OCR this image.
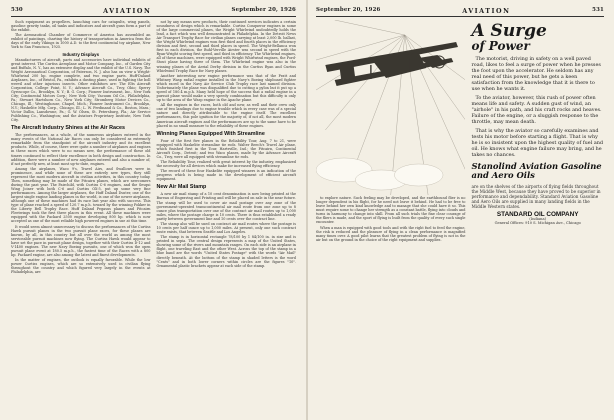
530	AVIATION	September 20, 1926

Such equipment as propellers, launching cars for catapults, wing panels, gasoline gravity tanks, oil tanks and indicators and aircraft guns form a part of the exhibit.

The Aeronautical Chamber of Commerce of America has assembled an exhibit of paintings, charting the history of transportation in America from the days of the early Vikings in 1000 A.D. to the first continental toy airplane, New York to San Francisco, 1925.

Industry Displays

Manufacturers of aircraft, parts and accessories have individual exhibits of great interest. The Curtiss Aeroplane and Motor Company, Inc., of Garden City and Buffalo, N. Y., has an extensive display and the exhibit of the U.S. Navy. The Wright Aeronautical Corporation, of Paterson, N. J. also has on view a Wright-Whirlwind 200 hp. engine complete, and two engine parts. Huff-Daland Airplanes, Inc., of Bristol, Pa., exhibits a dusting plane, used in fighting the boll weevil and other injurious insects. Other exhibitors are: The Elts Aircraft Corporation, College Point, N. Y.; Advance Aircraft Co., Troy, Ohio; Sperry Gyroscope Co., Brooklyn, N. Y.; B. G. Corp.; Pioneer Instrument, Inc., New York City; Continental Motors Corp.; New York City; Vacuum Oil Co., Philadelphia, Pa.; Stewart Hartshorn Co., New York City; Stromberg Motor Devices Co., Chicago, Ill.; Westinghouse, Chapel, Mich.; Pioneer Instrument Co., Brooklyn, N.Y.; Haskelite Mfg. Corp., Chicago, Ill.; L. W. Ferdinand & Co., Boston, Mass.; Victor Dallin, Lansdowne, Pa.; G. W. Olsen, St. Petersburg, Fla.; Air Service Publishing Co., Washington; and the Aviators Proprietary Institute, New York City.

The Aircraft Industry Shines at the Air Races

The performances, as a whole, of the numerous airplanes entered in the many events of the National Air Races can only be considered as extremely remarkable from the standpoint of the aircraft industry and its excellent products. While, of course, there were quite a number of airplanes and engines in these races which were to no means new, the performance of these old timers continued to reflect their excellence in both design and construction. In addition, there were a number of new airplanes entered and also a number of, if not perfectly new, at least most up-to-date, engines.

Among the airplanes, Waco 9's, Travel Airs, and Swallows were in prominence, and while none of these are entirely new types, they still represent the most modern aircraft in civilian activities, in this country today. Then, something may be made of the Pitcairn planes, which are newcomers during the past year. The Fairchild, with Curtiss C-6 engines, and the Sesqui Wing Joiner with both C-6 and Curtiss OX-5, put up some very fine performances. Among the larger airplanes, the Huff Daland Duster, one of the largest single engine landing planes in the world, is one of the newer airplanes, although one of these machines had its race last year also with success. This type of plane reached a speed of 120.7 m.p.h. toward by the winning Fokker in the Liberty Bell Trophy Race. Huff Daland Pegasus planes and Pitcairn Fleetwings took the first three places in this event. All these machines were equipped with the Packard 2500 engine developing 800 hp. which is now accepted as one of the most reliable high powered engines in use at this time.

It would seem almost unnecessary to discuss the performances of the Curtiss Hawk pursuit planes in the two pursuit plane races, for these planes are known, by all, in this country but all over the world as among the most serviceable pursuit machines now flying. The Curtiss Hawk would appear to have set the pace in pursuit plane design, together with their Curtiss D-12 and V-1400 engines. The new Navy Boeing pursuits, one of which won the open pursuit plane event at 180.5 m.p.h., the fastest time of the Races with a 800 hp. Packard engine, are also among the latest and finest developments.

In the matter of engines, the outlook is equally favorable. While the low power Curtiss engines, which are so extensively used in civilian flying throughout the country and which figured very largely in the events at Philadelphia, are

not by any means new products, their continued services indicates a certain soundness of design which is remarkable. Curtiss Conqueror engines in some of the large commercial planes, the Wright Whirlwind undoubtedly holds the lead, a fact which was well demonstrated in Philadelphia. In the Detroit News Air Transport Trophy Race for civilian planes carrying at least 2,000 lb. ballast, the Wright Whirlwind engines won first third and fourth places in the efficiency division and first, second and third places in speed. The Wright-Bellanca won first in each division, the Buhl-Verville Airster was second in speed with the Ryan-Wright scoring first speed, and third in efficiency. The Whirlwind engines, all of these machines, were equipped with Wright Whirlwind engines, the Ford-Stout plane having three of them. The Whirlwind engine was also in the winning planes of the Aerial Derby division in the Curtiss Ryan and Curtiss Whirlwind Trophy Race for Navy planes.

Another interesting new engine performance was that of the Pratt and Whitney Wasp radial engine installed in the Navy's Boeing shipboard fighter which raced in the Navy Air Service Club Trophy race last named division. Unfortunately the plane was disqualified due to cutting a pylon but it put up a speed of 180.4 m.p.h. Many held hope of the success that a radial engine in a pursuit plane would make a very speedy combination but this difficulty is only up to the area of the Wasp engine in the Apache plane.

All the engines in the races, both old and new, as well and their crew only one of two landings due to engine trouble which in every case was of a special nature and directly attributable to the engine itself. The excellent performances, this pole ignition for the majority of, if not all, the most modern American aircraft engines and the performances are up to the same have to be placed in no small measure to the reliability of these engines.

Winning Planes Equipped With Streamline

Four of the first five planes in the Reliability Tour, Aug. 7 to 21, were equipped with Haskelite streamline tie rods. Walter Beech's Travel Air plane, which finished first in the Tour, Hartsville, Ind.; the Pitcairn, Continental Aircraft Corp., Detroit; and two Waco planes, made by the Advance Aircraft Co., Troy, were all equipped with streamline tie rods.

The Reliability Tour, realized with great interest by the industry, emphasized the necessity for all devices which make for increased flying efficiency.

The record of these four Haskelite equipped winners is an indication of the progress which is being made in the development of efficient aircraft equipment.

New Air Mail Stamp

A new air mail stamp of a 10 cent denomination is now being printed at the Bureau of Engraving and Printing and will be placed on sale in the near future. The stamp will be used to cover air mail postage over any zone of the government-operated transcontinental air mail route from one zone up to 8 ounce plus transportation over one of the contract air mail routes up to 1,000 miles, where the postage charge is 10 cents. There is thus established a ready parity between government line and 10 cents over the contract line.

The stamp also will be used on contract air mail routes where the postage is 10 cents per half ounce up to 1,000 miles. At present, only one such contract route exists, that between Seattle and Los Angeles.

The stamp is in horizontal rectangle 78/100 by 1 84/100 in. in size and is printed in sepia. The central design represents a map of the United States, showing some of the rivers and mountain ranges. On each side is an airplane in flight, one traveling East and the other West. Across the top of the stamp in a blue band are the words "United States Postage" with the words "Air Mail" directly beneath. At the bottom of the stamp in shaded letters is the word "Cents" and in both lower corners within circles are the figures "10". Ornamental plastic brackets appear at each side of the stamp.

September 20, 1926	AVIATION	531

to explore nature. Such feeling may be developed, and the earthbound flier is no longer dependent in his flight, for he need not leave it behind. He had to be free to leave behind her own kind knowledge and to manage that she could have it so. This must require some to change her strength as a constant battle, flying into clouds and turns in harmony to change into skill. From all such trials the fine clear courage of the fliers is made, and the sport of flying is built from the quality of every such single encounter.

When a man is equipped with good tools and with the right fuel to feed the engine, the risk is reduced and the pleasure of flying in a clean performance is magnified many times over. A good pilot learns that the greatest problem of flying is not in the air but on the ground in the choice of the right equipment and supplies.

A Surge
of Power

The motorist, driving in safety on a well paved road, likes to feel a surge of power when he presses the foot upon the accelerator. He seldom has any real need of this power, but he gets a keen satisfaction from the knowledge that it is there to use when he wants it.

To the aviator, however, this rush of power often means life and safety. A sudden gust of wind, an "airhole" in his path, and his craft rocks and heaves. Failure of the engine, or a sluggish response to the throttle, may mean death.

That is why the aviator so carefully examines and tests his motor before starting a flight. That is why he is so insistent upon the highest quality of fuel and oil. He knows what engine failure may bring, and he takes no chances.

Stanolind Aviation Gasoline and Aero Oils
are on the shelves of the airports of flying fields throughout the Middle West, because they have proved to be superior in performance and dependability. Standard Aviation Gasoline and Aero Oils are supplied in many landing fields in the Middle Western states.
STANDARD OIL COMPANY
(Indiana)
General Offices: 910 S. Michigan Ave., Chicago
